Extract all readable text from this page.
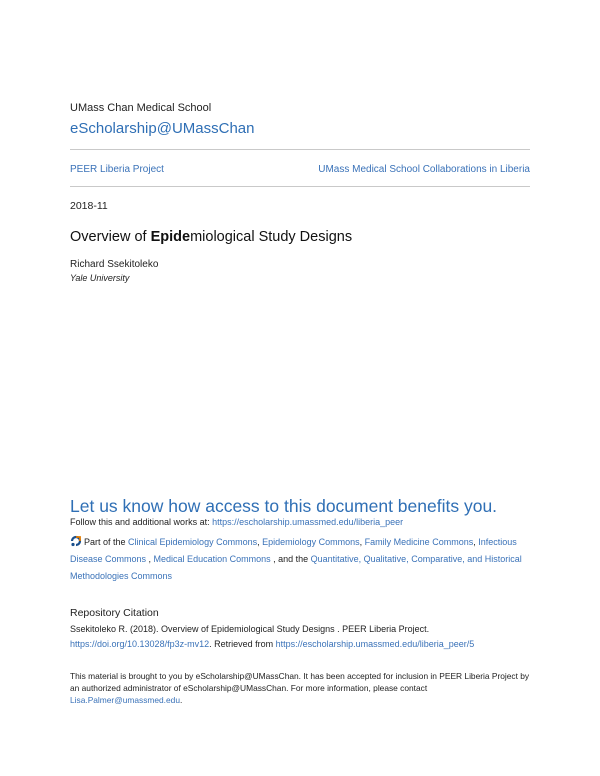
UMass Chan Medical School
eScholarship@UMassChan
PEER Liberia Project	UMass Medical School Collaborations in Liberia
2018-11
Overview of Epidemiological Study Designs
Richard Ssekitoleko
Yale University
Let us know how access to this document benefits you.
Follow this and additional works at: https://escholarship.umassmed.edu/liberia_peer
Part of the Clinical Epidemiology Commons, Epidemiology Commons, Family Medicine Commons, Infectious Disease Commons , Medical Education Commons , and the Quantitative, Qualitative, Comparative, and Historical Methodologies Commons
Repository Citation
Ssekitoleko R. (2018). Overview of Epidemiological Study Designs . PEER Liberia Project. https://doi.org/10.13028/fp3z-mv12. Retrieved from https://escholarship.umassmed.edu/liberia_peer/5
This material is brought to you by eScholarship@UMassChan. It has been accepted for inclusion in PEER Liberia Project by an authorized administrator of eScholarship@UMassChan. For more information, please contact Lisa.Palmer@umassmed.edu.
